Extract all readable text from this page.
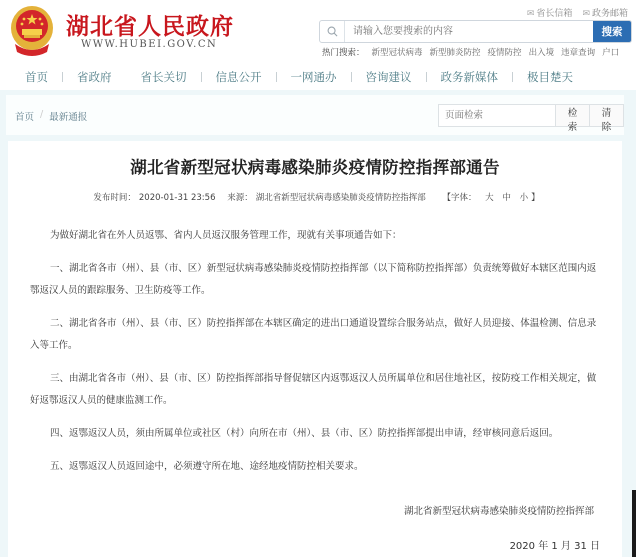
湖北省人民政府
WWW.HUBEI.GOV.CN
✉ 省长信箱 ✉ 政务邮箱
请输入您要搜索的内容
搜索
热门搜索： 新型冠状病毒 新型肺炎防控 疫情防控 出入境 违章查询 户口
首页	省政府	省长关切	信息公开	一网通办	咨询建议	政务新媒体	极目楚天
首页 / 最新通报
页面检索	检索
清除
湖北省新型冠状病毒感染肺炎疫情防控指挥部通告
发布时间： 2020-01-31 23:56 来源： 湖北省新型冠状病毒感染肺炎疫情防控指挥部 【字体： 大 中 小 】

为做好湖北省在外人员返鄂、省内人员返汉服务管理工作，现就有关事项通告如下：

一、湖北省各市（州）、县（市、区）新型冠状病毒感染肺炎疫情防控指挥部（以下简称防控指挥部）负责统筹做好本辖区范围内返鄂返汉人员的跟踪服务、卫生防疫等工作。

二、湖北省各市（州）、县（市、区）防控指挥部在本辖区确定的进出口通道设置综合服务站点，做好人员迎接、体温检测、信息录入等工作。

三、由湖北省各市（州）、县（市、区）防控指挥部指导督促辖区内返鄂返汉人员所属单位和居住地社区，按防疫工作相关规定，做好返鄂返汉人员的健康监测工作。

四、返鄂返汉人员，须由所属单位或社区（村）向所在市（州）、县（市、区）防控指挥部提出申请，经审核同意后返回。

五、返鄂返汉人员返回途中，必须遵守所在地、途经地疫情防控相关要求。

湖北省新型冠状病毒感染肺炎疫情防控指挥部
2020 年 1 月 31 日
